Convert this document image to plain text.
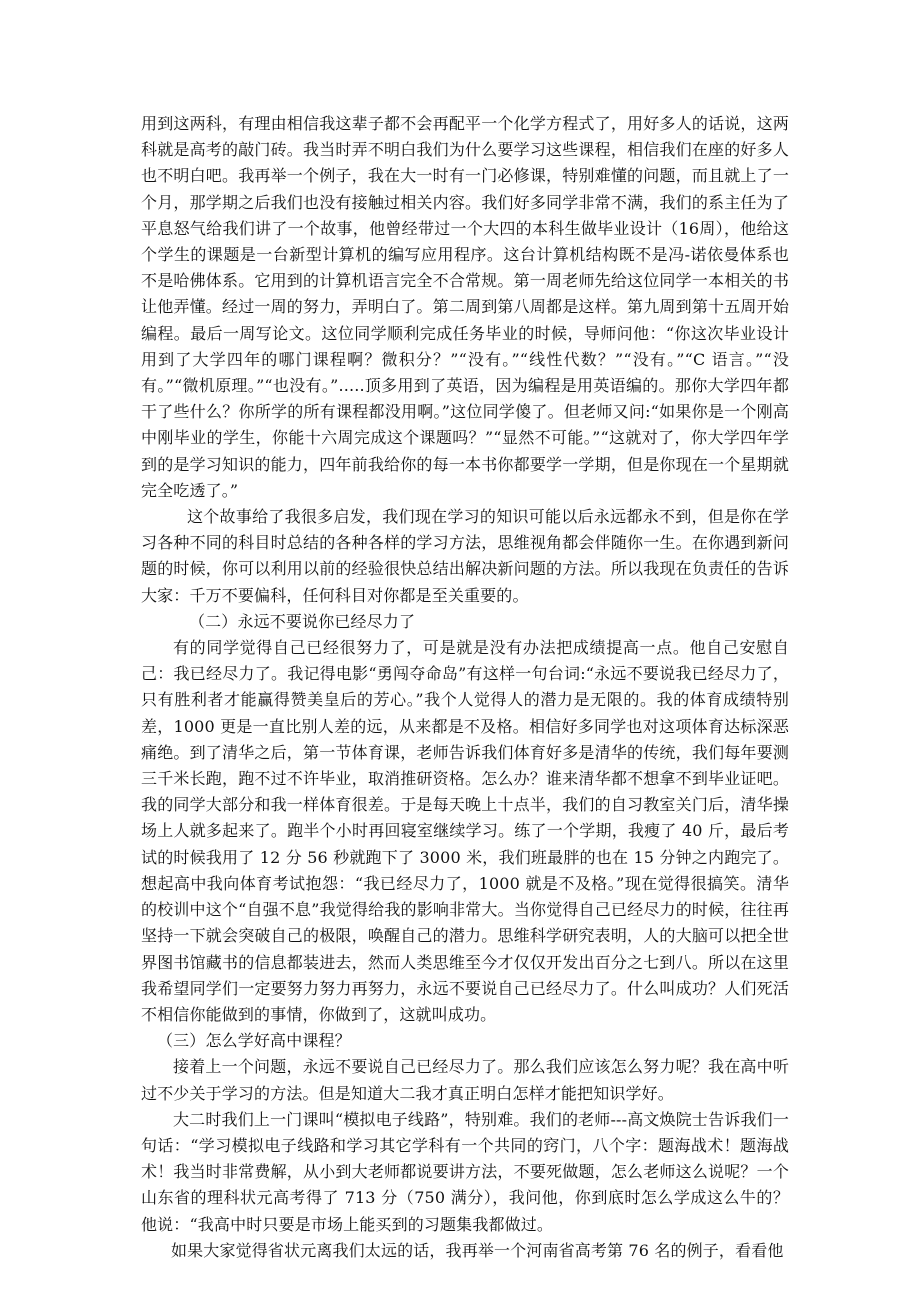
用到这两科，有理由相信我这辈子都不会再配平一个化学方程式了，用好多人的话说，这两科就是高考的敲门砖。我当时弄不明白我们为什么要学习这些课程，相信我们在座的好多人也不明白吧。我再举一个例子，我在大一时有一门必修课，特别难懂的问题，而且就上了一个月，那学期之后我们也没有接触过相关内容。我们好多同学非常不满，我们的系主任为了平息怒气给我们讲了一个故事，他曾经带过一个大四的本科生做毕业设计（16周），他给这个学生的课题是一台新型计算机的编写应用程序。这台计算机结构既不是冯-诺依曼体系也不是哈佛体系。它用到的计算机语言完全不合常规。第一周老师先给这位同学一本相关的书让他弄懂。经过一周的努力，弄明白了。第二周到第八周都是这样。第九周到第十五周开始编程。最后一周写论文。这位同学顺利完成任务毕业的时候，导师问他：“你这次毕业设计用到了大学四年的哪门课程啊？微积分？”“没有。”“线性代数？”“没有。”“C 语言。”“没有。”“微机原理。”“也没有。”.....顶多用到了英语，因为编程是用英语编的。那你大学四年都干了些什么？你所学的所有课程都没用啊。”这位同学傻了。但老师又问:“如果你是一个刚高中刚毕业的学生，你能十六周完成这个课题吗？”“显然不可能。”“这就对了，你大学四年学到的是学习知识的能力，四年前我给你的每一本书你都要学一学期，但是你现在一个星期就完全吃透了。”

这个故事给了我很多启发，我们现在学习的知识可能以后永远都永不到，但是你在学习各种不同的科目时总结的各种各样的学习方法，思维视角都会伴随你一生。在你遇到新问题的时候，你可以利用以前的经验很快总结出解决新问题的方法。所以我现在负责任的告诉大家：千万不要偏科，任何科目对你都是至关重要的。

（二）永远不要说你已经尽力了

有的同学觉得自己已经很努力了，可是就是没有办法把成绩提高一点。他自己安慰自己：我已经尽力了。我记得电影“勇闯夺命岛”有这样一句台词:“永远不要说我已经尽力了，只有胜利者才能赢得赞美皇后的芳心。”我个人觉得人的潜力是无限的。我的体育成绩特别差，1000 更是一直比别人差的远，从来都是不及格。相信好多同学也对这项体育达标深恶痛绝。到了清华之后，第一节体育课，老师告诉我们体育好多是清华的传统，我们每年要测三千米长跑，跑不过不许毕业，取消推研资格。怎么办？谁来清华都不想拿不到毕业证吧。我的同学大部分和我一样体育很差。于是每天晚上十点半，我们的自习教室关门后，清华操场上人就多起来了。跑半个小时再回寝室继续学习。练了一个学期，我瘦了 40 斤，最后考试的时候我用了 12 分 56 秒就跑下了 3000 米，我们班最胖的也在 15 分钟之内跑完了。想起高中我向体育考试抱怨：“我已经尽力了，1000 就是不及格。”现在觉得很搞笑。清华的校训中这个“自强不息”我觉得给我的影响非常大。当你觉得自己已经尽力的时候，往往再坚持一下就会突破自己的极限，唤醒自己的潜力。思维科学研究表明，人的大脑可以把全世界图书馆藏书的信息都装进去，然而人类思维至今才仅仅开发出百分之七到八。所以在这里我希望同学们一定要努力努力再努力，永远不要说自己已经尽力了。什么叫成功？人们死活不相信你能做到的事情，你做到了，这就叫成功。

（三）怎么学好高中课程？

接着上一个问题，永远不要说自己已经尽力了。那么我们应该怎么努力呢？我在高中听过不少关于学习的方法。但是知道大二我才真正明白怎样才能把知识学好。

大二时我们上一门课叫“模拟电子线路”，特别难。我们的老师---高文焕院士告诉我们一句话：“学习模拟电子线路和学习其它学科有一个共同的窍门，八个字：题海战术！题海战术！我当时非常费解，从小到大老师都说要讲方法，不要死做题，怎么老师这么说呢？一个山东省的理科状元高考得了 713 分（750 满分），我问他，你到底时怎么学成这么牛的？他说：“我高中时只要是市场上能买到的习题集我都做过。

如果大家觉得省状元离我们太远的话，我再举一个河南省高考第 76 名的例子，看看他
